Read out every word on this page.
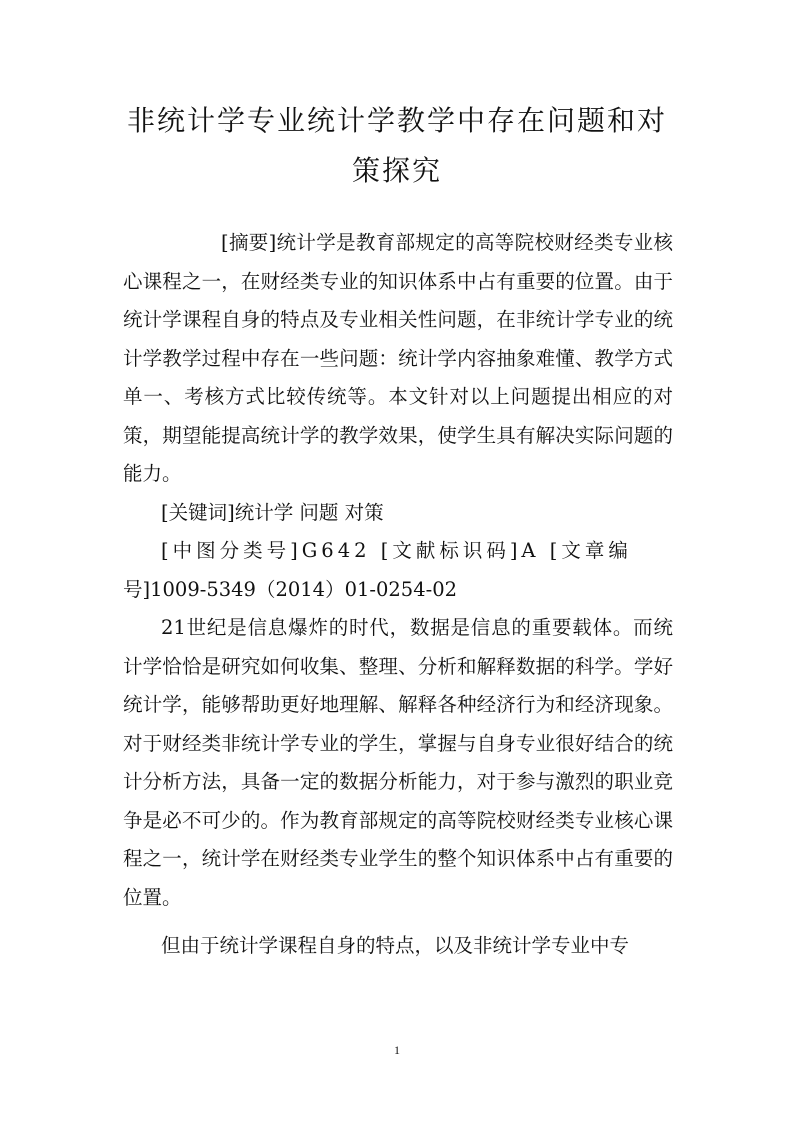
非统计学专业统计学教学中存在问题和对
策探究

[摘要]统计学是教育部规定的高等院校财经类专业核心课程之一，在财经类专业的知识体系中占有重要的位置。由于统计学课程自身的特点及专业相关性问题，在非统计学专业的统计学教学过程中存在一些问题：统计学内容抽象难懂、教学方式单一、考核方式比较传统等。本文针对以上问题提出相应的对策，期望能提高统计学的教学效果，使学生具有解决实际问题的能力。

[关键词]统计学 问题 对策

[中图分类号]G642 [文献标识码]A [文章编
号]1009-5349（2014）01-0254-02

21世纪是信息爆炸的时代，数据是信息的重要载体。而统计学恰恰是研究如何收集、整理、分析和解释数据的科学。学好统计学，能够帮助更好地理解、解释各种经济行为和经济现象。对于财经类非统计学专业的学生，掌握与自身专业很好结合的统计分析方法，具备一定的数据分析能力，对于参与激烈的职业竞争是必不可少的。作为教育部规定的高等院校财经类专业核心课程之一，统计学在财经类专业学生的整个知识体系中占有重要的位置。

但由于统计学课程自身的特点，以及非统计学专业中专

1
